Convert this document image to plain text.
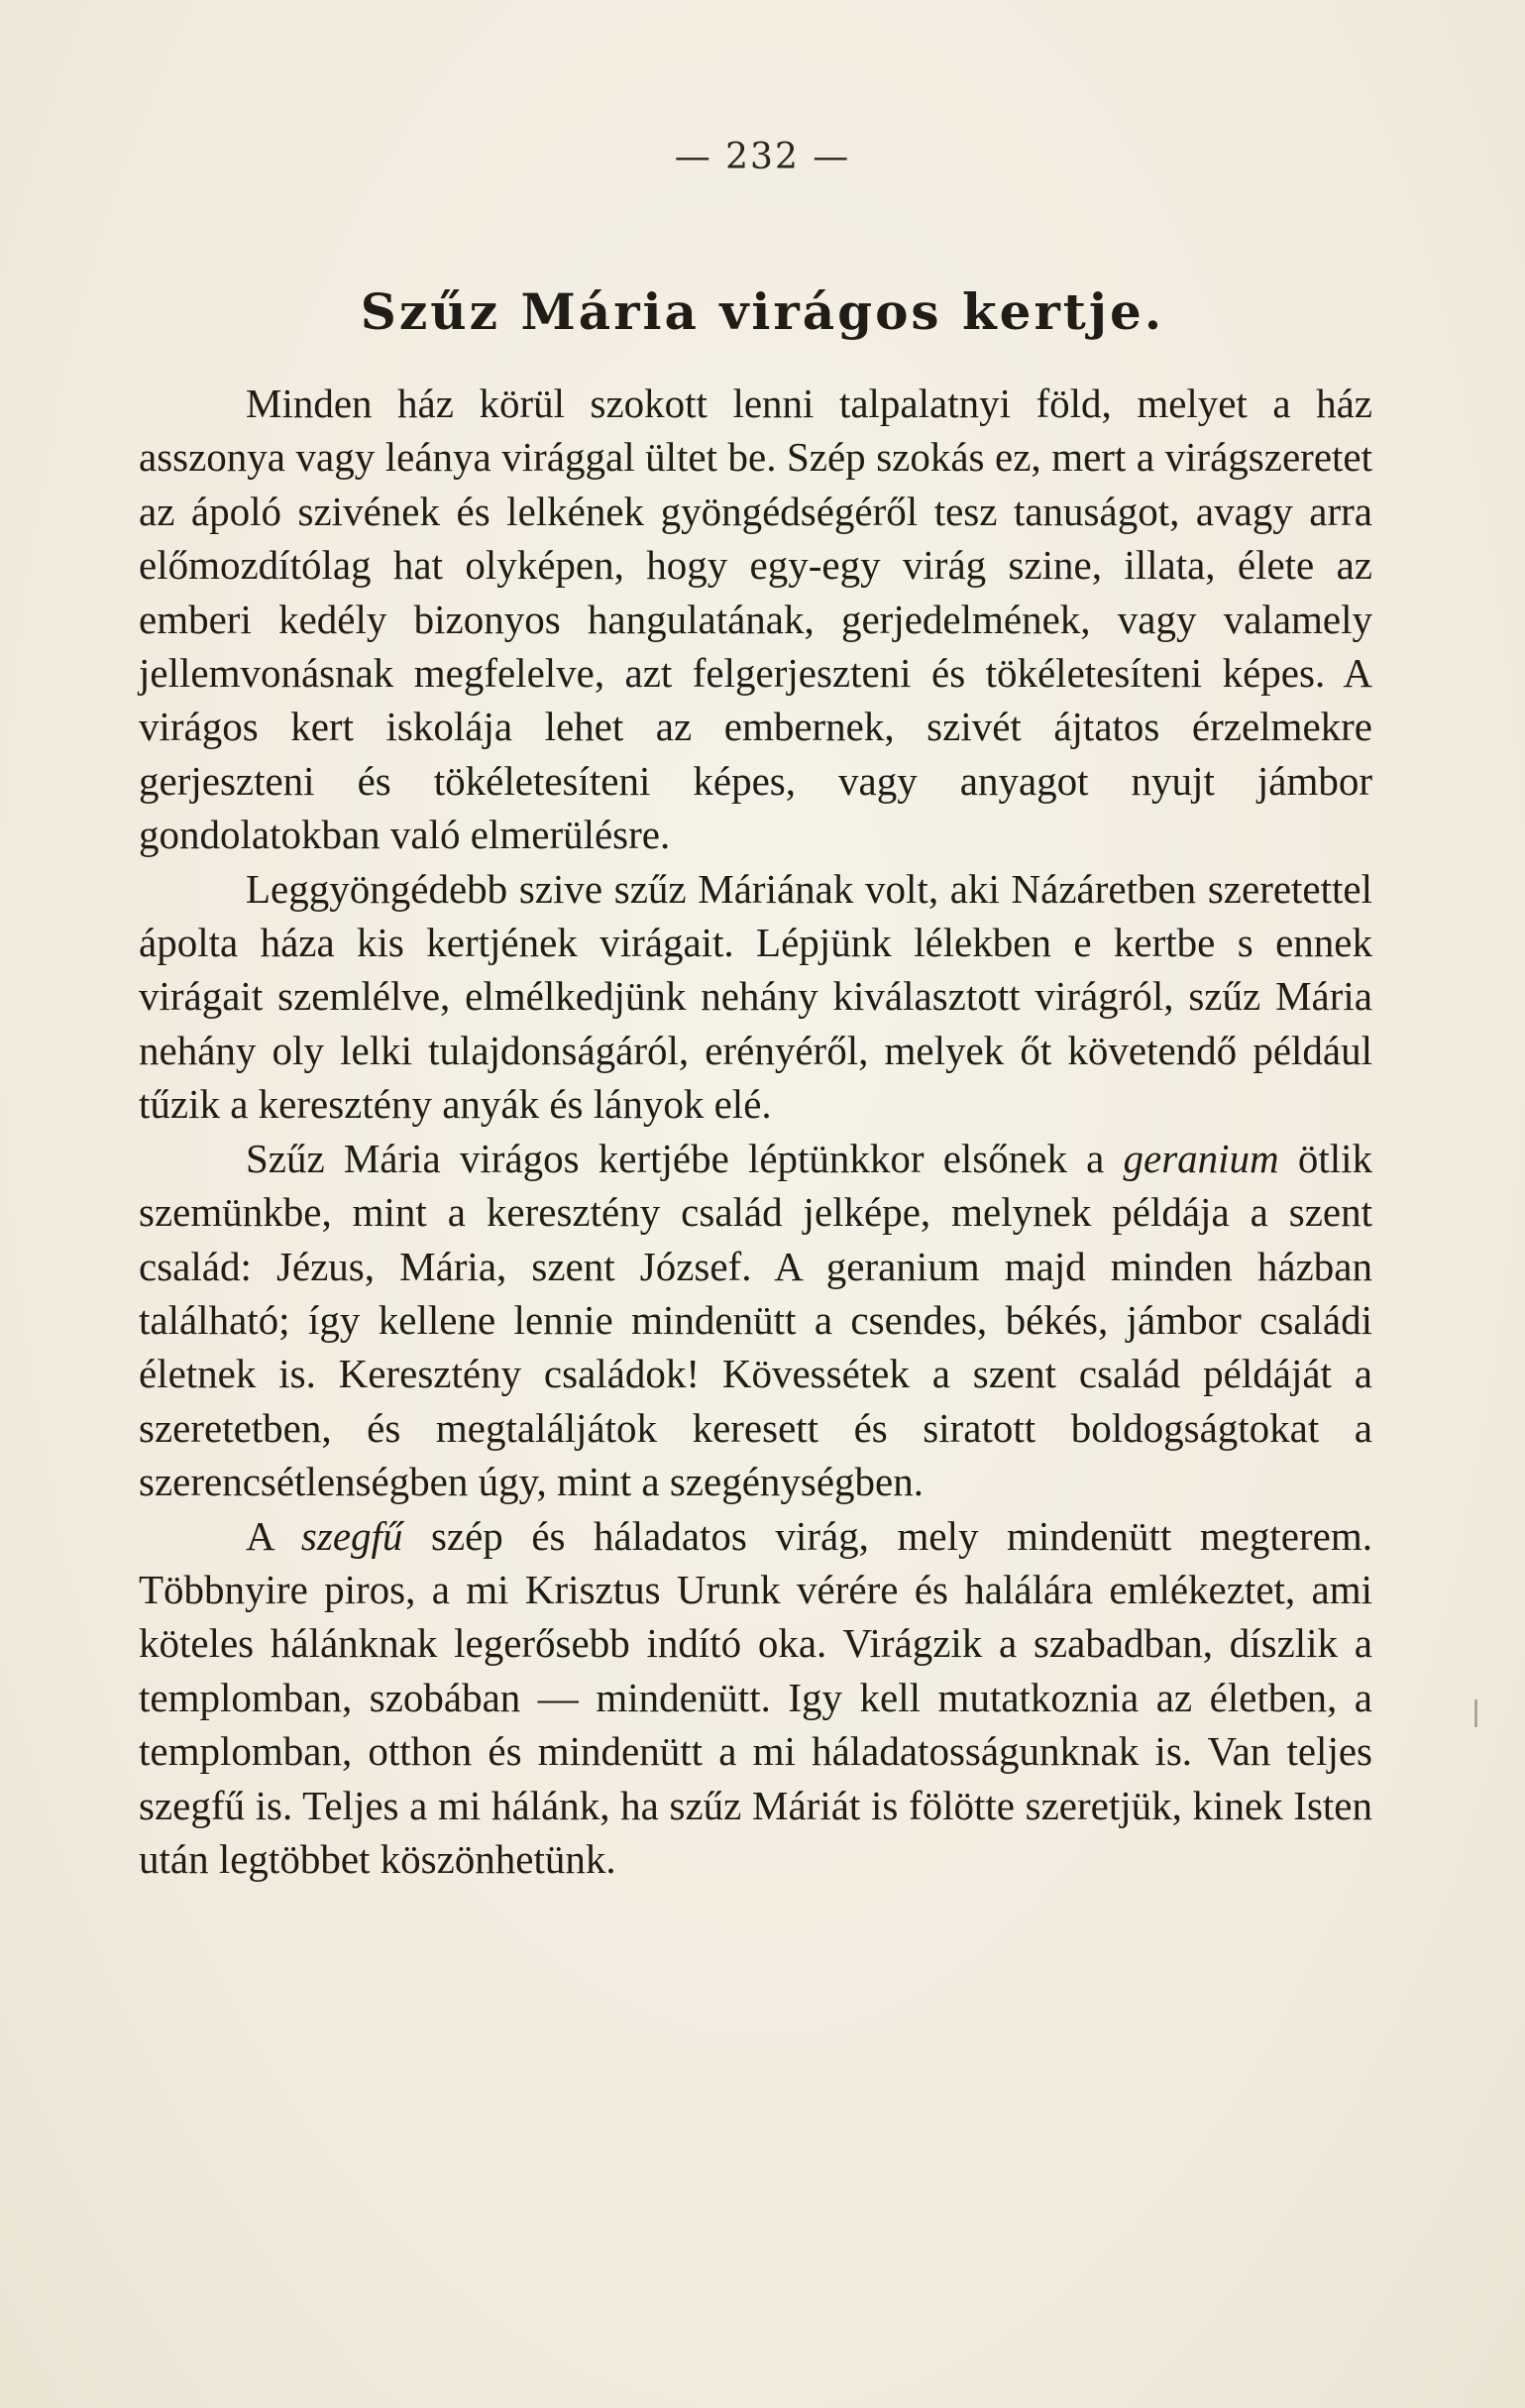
— 232 —
Szűz Mária virágos kertje.

Minden ház körül szokott lenni talpalatnyi föld, melyet a ház asszonya vagy leánya virággal ültet be. Szép szokás ez, mert a virágszeretet az ápoló szivének és lelkének gyöngédségéről tesz tanuságot, avagy arra előmozdítólag hat olyképen, hogy egy-egy virág szine, illata, élete az emberi kedély bizonyos hangulatának, gerjedelmének, vagy valamely jellemvonásnak megfelelve, azt felgerjeszteni és tökéletesíteni képes. A virágos kert iskolája lehet az embernek, szivét ájtatos érzelmekre gerjeszteni és tökéletesíteni képes, vagy anyagot nyujt jámbor gondolatokban való elmerülésre.

Leggyöngédebb szive szűz Máriának volt, aki Názáretben szeretettel ápolta háza kis kertjének virágait. Lépjünk lélekben e kertbe s ennek virágait szemlélve, elmélkedjünk nehány kiválasztott virágról, szűz Mária nehány oly lelki tulajdonságáról, erényéről, melyek őt követendő például tűzik a keresztény anyák és lányok elé.

Szűz Mária virágos kertjébe léptünkkor elsőnek a geranium ötlik szemünkbe, mint a keresztény család jelképe, melynek példája a szent család: Jézus, Mária, szent József. A geranium majd minden házban található; így kellene lennie mindenütt a csendes, békés, jámbor családi életnek is. Keresztény családok! Kövessétek a szent család példáját a szeretetben, és megtaláljátok keresett és siratott boldogságtokat a szerencsétlenségben úgy, mint a szegénységben.

A szegfű szép és háladatos virág, mely mindenütt megterem. Többnyire piros, a mi Krisztus Urunk vérére és halálára emlékeztet, ami köteles hálánknak legerősebb indító oka. Virágzik a szabadban, díszlik a templomban, szobában — mindenütt. Igy kell mutatkoznia az életben, a templomban, otthon és mindenütt a mi háladatosságunknak is. Van teljes szegfű is. Teljes a mi hálánk, ha szűz Máriát is fölötte szeretjük, kinek Isten után legtöbbet köszönhetünk.
